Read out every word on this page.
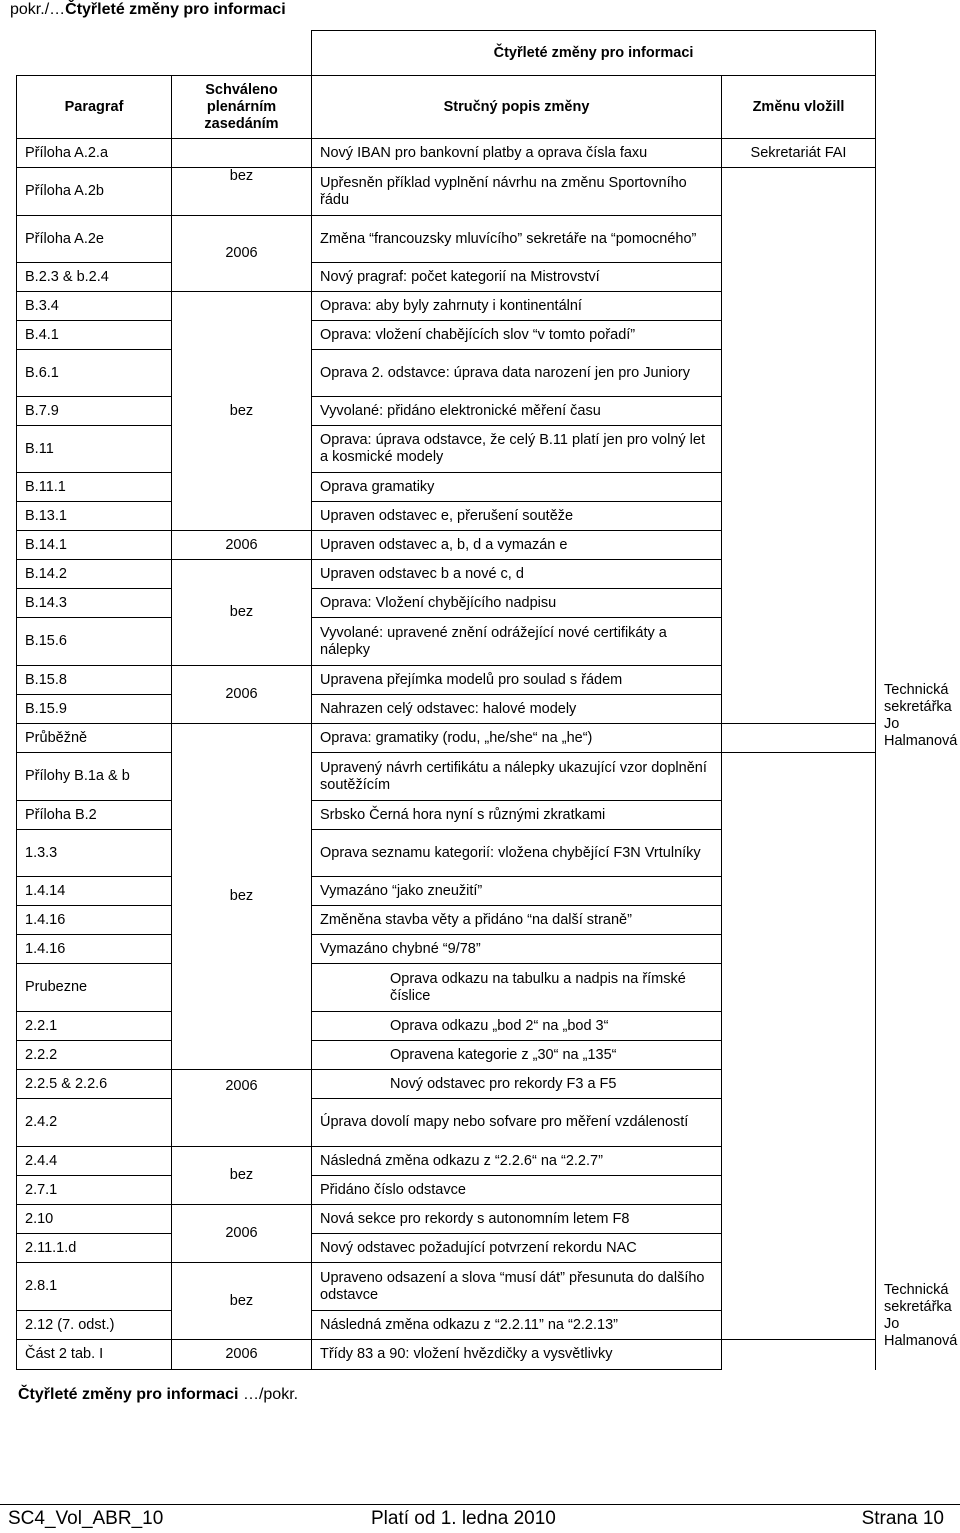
pokr./…Čtyřleté změny pro informaci
		Čtyřleté změny pro informaci		
Paragraf	Schváleno plenárním zasedáním	Stručný popis změny	Změnu vložill	
Příloha A.2.a		Nový IBAN pro bankovní platby a oprava čísla faxu	Sekretariát FAI	
Příloha A.2b	bez	Upřesněn příklad vyplnění návrhu na změnu Sportovního řádu		
Příloha A.2e	2006	Změna “francouzsky mluvícího” sekretáře na “pomocného”		
B.2.3 & b.2.4		Nový pragraf: počet kategorií na Mistrovství		
B.3.4	bez	Oprava: aby byly zahrnuty i kontinentální		
B.4.1		Oprava: vložení chabějících slov “v tomto pořadí”		
B.6.1		Oprava 2. odstavce: úprava data narození jen pro Juniory		
B.7.9		Vyvolané: přidáno elektronické měření času		
B.11		Oprava: úprava odstavce, že celý B.11 platí jen pro volný let a kosmické modely		
B.11.1		Oprava gramatiky		
B.13.1		Upraven odstavec e, přerušení soutěže		
B.14.1	2006	Upraven odstavec a, b, d a vymazán e		
B.14.2	bez	Upraven odstavec b a nové c, d		
B.14.3		Oprava: Vložení chybějícího nadpisu		
B.15.6		Vyvolané: upravené znění odrážející nové certifikáty a nálepky		
B.15.8	2006	Upravena přejímka modelů pro soulad s řádem		Technická sekretářka Jo Halmanová
B.15.9		Nahrazen celý odstavec: halové modely		
Průběžně	bez	Oprava: gramatiky (rodu, „he/she“ na „he“)		
Přílohy B.1a & b		Upravený návrh certifikátu a nálepky ukazující vzor doplnění soutěžícím		
Příloha B.2		Srbsko Černá hora nyní s různými zkratkami		
1.3.3		Oprava seznamu kategorií: vložena chybějící F3N Vrtulníky		
1.4.14		Vymazáno “jako zneužití”		
1.4.16		Změněna stavba věty a přidáno “na další straně”		
1.4.16		Vymazáno chybné “9/78”		
Prubezne		Oprava odkazu na tabulku a nadpis na římské číslice		
2.2.1		Oprava odkazu „bod 2“ na „bod 3“		
2.2.2		Opravena kategorie z „30“ na „135“		
2.2.5 & 2.2.6	2006	Nový odstavec pro rekordy F3 a F5		
2.4.2		Úprava dovolí mapy nebo sofvare pro měření vzdáleností		
2.4.4	bez	Následná změna odkazu z “2.2.6“ na “2.2.7”		
2.7.1		Přidáno číslo odstavce		
2.10	2006	Nová sekce pro rekordy s autonomním letem F8		
2.11.1.d		Nový odstavec požadující potvrzení rekordu NAC		
2.8.1	bez	Upraveno odsazení a slova “musí dát” přesunuta do dalšího odstavce		Technická sekretářka Jo Halmanová
2.12 (7. odst.)		Následná změna odkazu z “2.2.11” na “2.2.13”		
Část 2 tab. I	2006	Třídy 83 a 90: vložení hvězdičky a vysvětlivky		
Čtyřleté změny pro informaci …/pokr.
SC4_Vol_ABR_10	Platí od 1. ledna 2010	Strana 10
